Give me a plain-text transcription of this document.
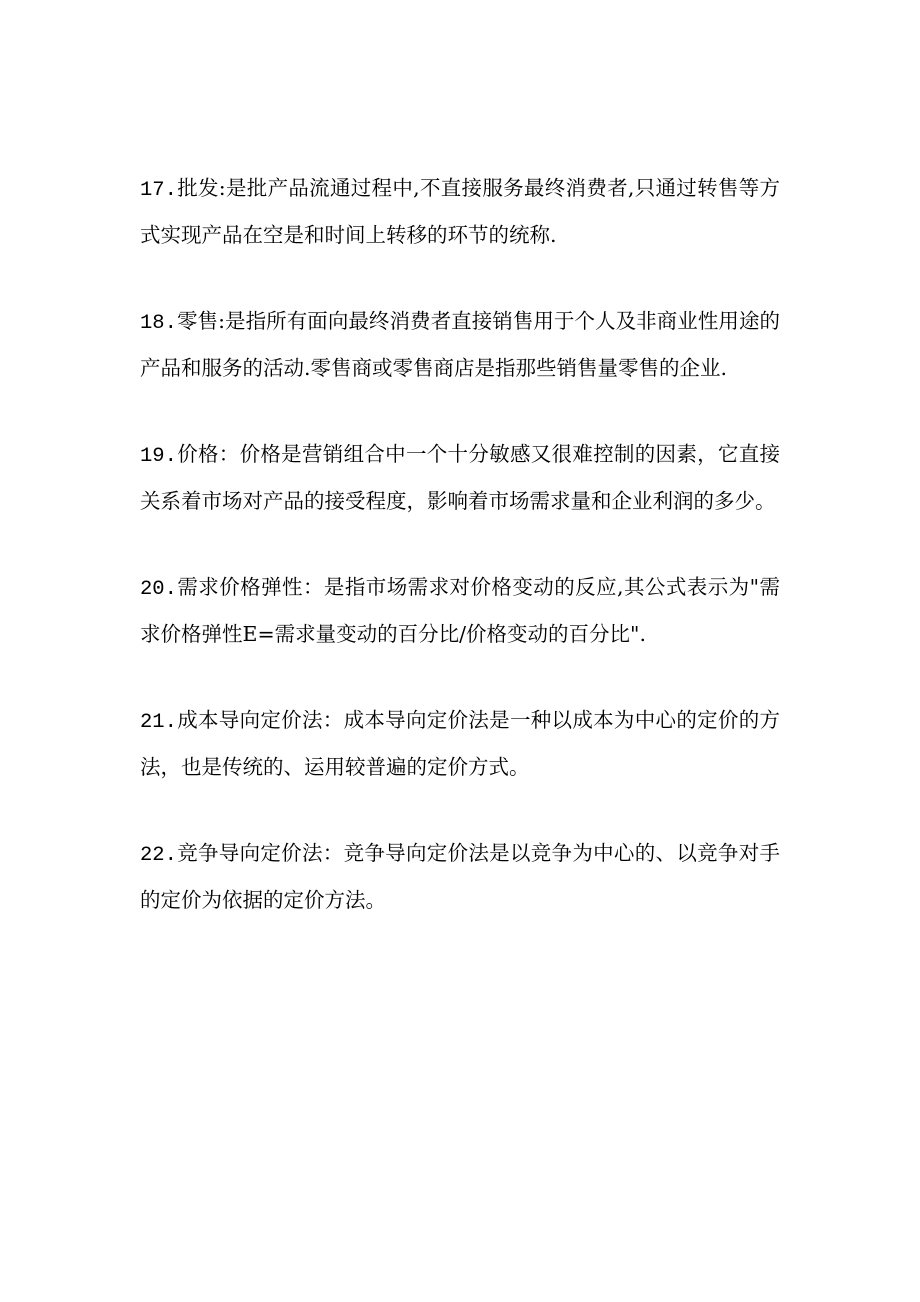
17.批发:是批产品流通过程中,不直接服务最终消费者,只通过转售等方式实现产品在空是和时间上转移的环节的统称.

18.零售:是指所有面向最终消费者直接销售用于个人及非商业性用途的产品和服务的活动.零售商或零售商店是指那些销售量零售的企业.

19.价格：价格是营销组合中一个十分敏感又很难控制的因素，它直接关系着市场对产品的接受程度，影响着市场需求量和企业利润的多少。

20.需求价格弹性：是指市场需求对价格变动的反应,其公式表示为"需求价格弹性E=需求量变动的百分比/价格变动的百分比".

21.成本导向定价法：成本导向定价法是一种以成本为中心的定价的方法，也是传统的、运用较普遍的定价方式。

22.竞争导向定价法：竞争导向定价法是以竞争为中心的、以竞争对手的定价为依据的定价方法。
